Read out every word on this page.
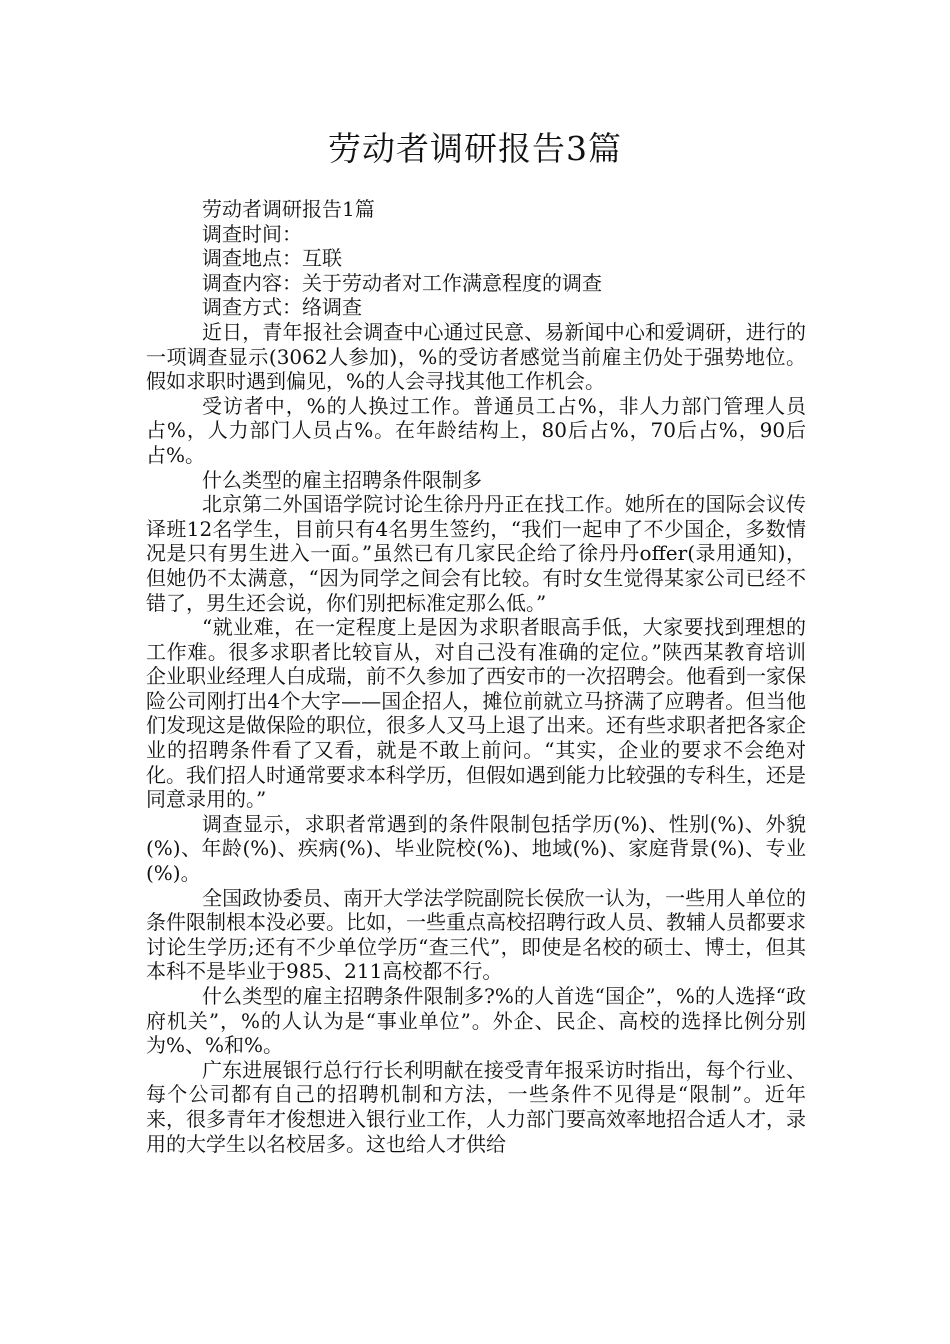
劳动者调研报告3篇

劳动者调研报告1篇

调查时间：

调查地点：互联

调查内容：关于劳动者对工作满意程度的调查

调查方式：络调查

近日，青年报社会调查中心通过民意、易新闻中心和爱调研，进行的一项调查显示(3062人参加)，%的受访者感觉当前雇主仍处于强势地位。假如求职时遇到偏见，%的人会寻找其他工作机会。

受访者中，%的人换过工作。普通员工占%，非人力部门管理人员占%，人力部门人员占%。在年龄结构上，80后占%，70后占%，90后占%。

什么类型的雇主招聘条件限制多

北京第二外国语学院讨论生徐丹丹正在找工作。她所在的国际会议传译班12名学生，目前只有4名男生签约，“我们一起申了不少国企，多数情况是只有男生进入一面。”虽然已有几家民企给了徐丹丹offer(录用通知)，但她仍不太满意，“因为同学之间会有比较。有时女生觉得某家公司已经不错了，男生还会说，你们别把标准定那么低。”

“就业难，在一定程度上是因为求职者眼高手低，大家要找到理想的工作难。很多求职者比较盲从，对自己没有准确的定位。”陕西某教育培训企业职业经理人白成瑞，前不久参加了西安市的一次招聘会。他看到一家保险公司刚打出4个大字——国企招人，摊位前就立马挤满了应聘者。但当他们发现这是做保险的职位，很多人又马上退了出来。还有些求职者把各家企业的招聘条件看了又看，就是不敢上前问。“其实，企业的要求不会绝对化。我们招人时通常要求本科学历，但假如遇到能力比较强的专科生，还是同意录用的。”

调查显示，求职者常遇到的条件限制包括学历(%)、性别(%)、外貌(%)、年龄(%)、疾病(%)、毕业院校(%)、地域(%)、家庭背景(%)、专业(%)。

全国政协委员、南开大学法学院副院长侯欣一认为，一些用人单位的条件限制根本没必要。比如，一些重点高校招聘行政人员、教辅人员都要求讨论生学历;还有不少单位学历“查三代”，即使是名校的硕士、博士，但其本科不是毕业于985、211高校都不行。

什么类型的雇主招聘条件限制多?%的人首选“国企”，%的人选择“政府机关”，%的人认为是“事业单位”。外企、民企、高校的选择比例分别为%、%和%。

广东进展银行总行行长利明献在接受青年报采访时指出，每个行业、每个公司都有自己的招聘机制和方法，一些条件不见得是“限制”。近年来，很多青年才俊想进入银行业工作，人力部门要高效率地招合适人才，录用的大学生以名校居多。这也给人才供给
